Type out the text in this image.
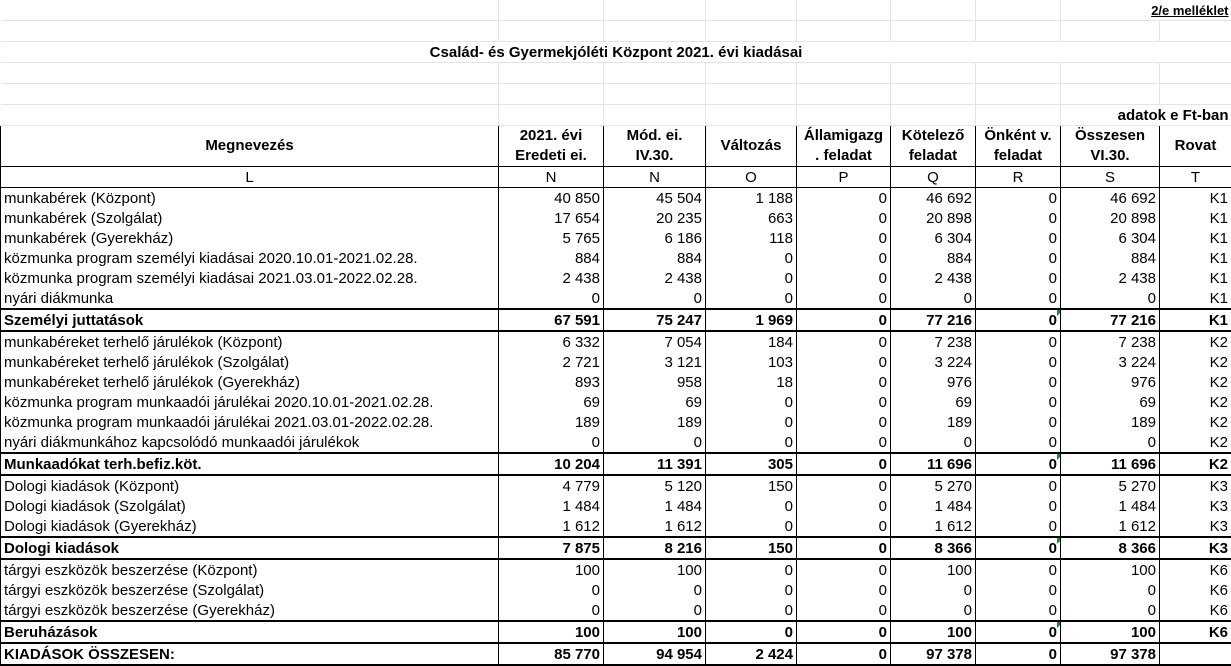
							2/e melléklet	

Család- és Gyermekjóléti Központ 2021. évi kiadásai								

							adatok e Ft-ban	
Megnevezés	2021. évi Eredeti ei.	Mód. ei. IV.30.	Változás	Államigazg . feladat	Kötelező feladat	Önként v. feladat	Összesen VI.30.	Rovat
L	N	N	O	P	Q	R	S	T
munkabérek (Központ)	40 850	45 504	1 188	0	46 692	0	46 692	K1
munkabérek (Szolgálat)	17 654	20 235	663	0	20 898	0	20 898	K1
munkabérek (Gyerekház)	5 765	6 186	118	0	6 304	0	6 304	K1
közmunka program személyi kiadásai 2020.10.01-2021.02.28.	884	884	0	0	884	0	884	K1
közmunka program személyi kiadásai 2021.03.01-2022.02.28.	2 438	2 438	0	0	2 438	0	2 438	K1
nyári diákmunka	0	0	0	0	0	0	0	K1
Személyi juttatások	67 591	75 247	1 969	0	77 216	0	77 216	K1
munkabéreket terhelő járulékok (Központ)	6 332	7 054	184	0	7 238	0	7 238	K2
munkabéreket terhelő járulékok (Szolgálat)	2 721	3 121	103	0	3 224	0	3 224	K2
munkabéreket terhelő járulékok (Gyerekház)	893	958	18	0	976	0	976	K2
közmunka program munkaadói járulékai 2020.10.01-2021.02.28.	69	69	0	0	69	0	69	K2
közmunka program munkaadói járulékai 2021.03.01-2022.02.28.	189	189	0	0	189	0	189	K2
nyári diákmunkához kapcsolódó munkaadói járulékok	0	0	0	0	0	0	0	K2
Munkaadókat terh.befiz.köt.	10 204	11 391	305	0	11 696	0	11 696	K2
Dologi kiadások (Központ)	4 779	5 120	150	0	5 270	0	5 270	K3
Dologi kiadások (Szolgálat)	1 484	1 484	0	0	1 484	0	1 484	K3
Dologi kiadások (Gyerekház)	1 612	1 612	0	0	1 612	0	1 612	K3
Dologi kiadások	7 875	8 216	150	0	8 366	0	8 366	K3
tárgyi eszközök beszerzése (Központ)	100	100	0	0	100	0	100	K6
tárgyi eszközök beszerzése (Szolgálat)	0	0	0	0	0	0	0	K6
tárgyi eszközök beszerzése (Gyerekház)	0	0	0	0	0	0	0	K6
Beruházások	100	100	0	0	100	0	100	K6
KIADÁSOK ÖSSZESEN:	85 770	94 954	2 424	0	97 378	0	97 378	
